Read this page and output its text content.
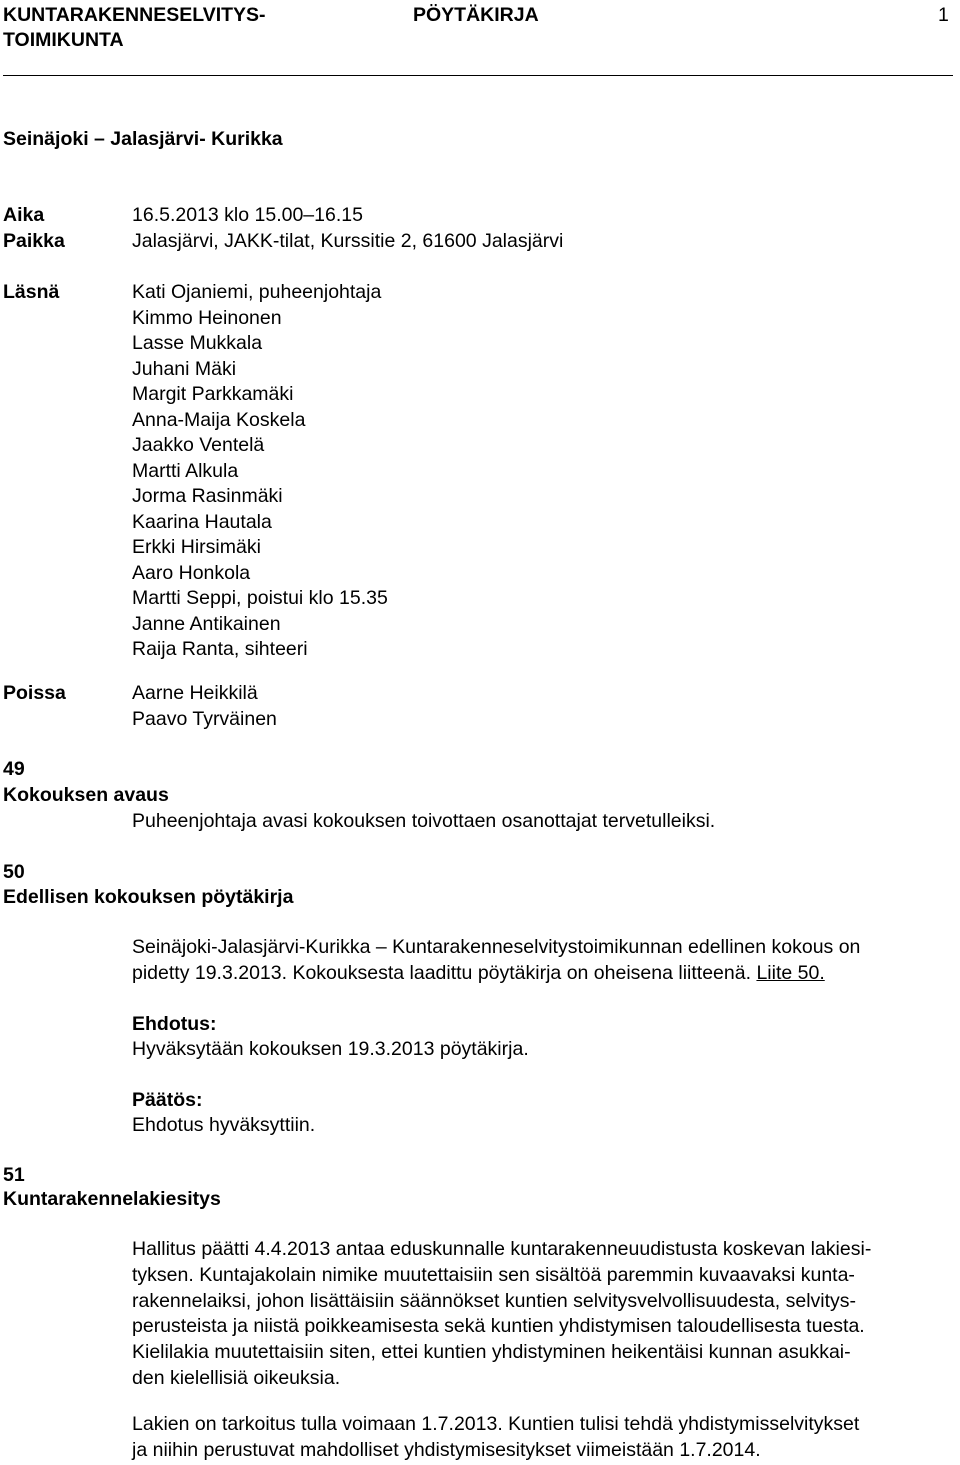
KUNTARAKENNESELVITYS-
TOIMIKUNTA
PÖYTÄKIRJA	1
Seinäjoki – Jalasjärvi- Kurikka
Aika	16.5.2013 klo 15.00–16.15
Paikka	Jalasjärvi, JAKK-tilat, Kurssitie 2, 61600 Jalasjärvi
Läsnä	Kati Ojaniemi, puheenjohtaja
Kimmo Heinonen
Lasse Mukkala
Juhani Mäki
Margit Parkkamäki
Anna-Maija Koskela
Jaakko Ventelä
Martti Alkula
Jorma Rasinmäki
Kaarina Hautala
Erkki Hirsimäki
Aaro Honkola
Martti Seppi, poistui klo 15.35
Janne Antikainen
Raija Ranta, sihteeri
Poissa	Aarne Heikkilä
Paavo Tyrväinen
49
Kokouksen avaus
Puheenjohtaja avasi kokouksen toivottaen osanottajat tervetulleiksi.
50
Edellisen kokouksen pöytäkirja
Seinäjoki-Jalasjärvi-Kurikka – Kuntarakenneselvitystoimikunnan edellinen kokous on
pidetty 19.3.2013. Kokouksesta laadittu pöytäkirja on oheisena liitteenä. Liite 50.
Ehdotus:
Hyväksytään kokouksen 19.3.2013 pöytäkirja.
Päätös:
Ehdotus hyväksyttiin.
51
Kuntarakennelakiesitys
Hallitus päätti 4.4.2013 antaa eduskunnalle kuntarakenneuudistusta koskevan lakiesi-
tyksen. Kuntajakolain nimike muutettaisiin sen sisältöä paremmin kuvaavaksi kunta-
rakennelaiksi, johon lisättäisiin säännökset kuntien selvitysvelvollisuudesta, selvitys-
perusteista ja niistä poikkeamisesta sekä kuntien yhdistymisen taloudellisesta tuesta.
Kielilakia muutettaisiin siten, ettei kuntien yhdistyminen heikentäisi kunnan asukkai-
den kielellisiä oikeuksia.
Lakien on tarkoitus tulla voimaan 1.7.2013. Kuntien tulisi tehdä yhdistymisselvitykset
ja niihin perustuvat mahdolliset yhdistymisesitykset viimeistään 1.7.2014.
